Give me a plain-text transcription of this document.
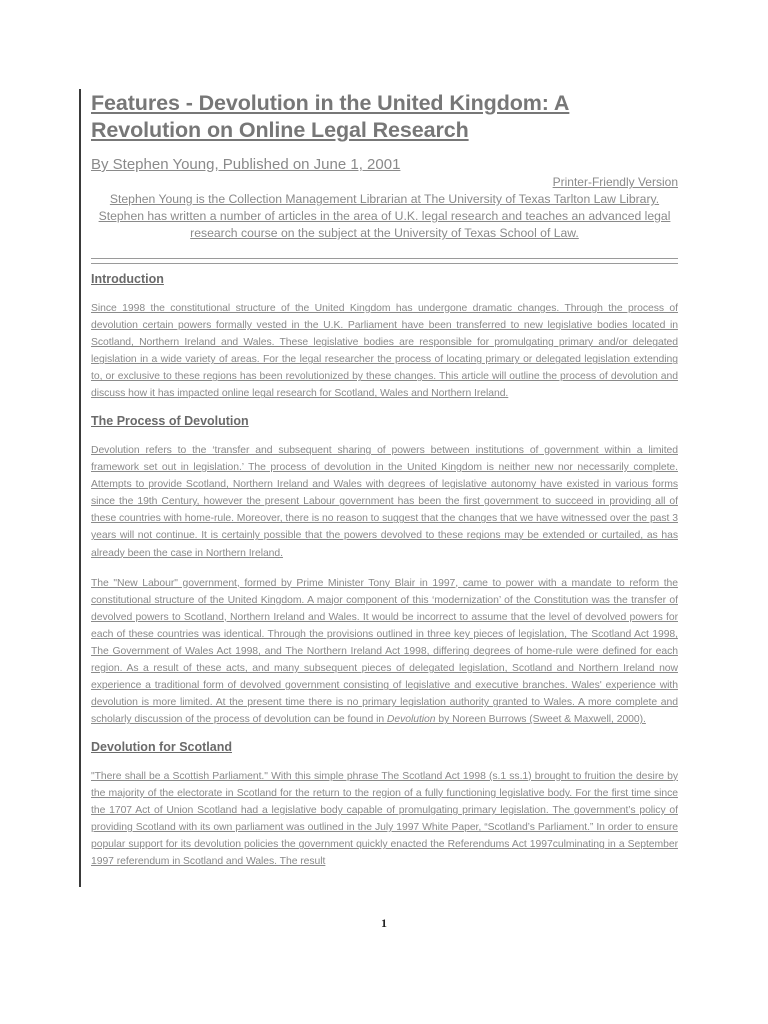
Features - Devolution in the United Kingdom: A Revolution on Online Legal Research
By Stephen Young, Published on June 1, 2001
Printer-Friendly Version
Stephen Young is the Collection Management Librarian at The University of Texas Tarlton Law Library. Stephen has written a number of articles in the area of U.K. legal research and teaches an advanced legal research course on the subject at the University of Texas School of Law.
Introduction

Since 1998 the constitutional structure of the United Kingdom has undergone dramatic changes. Through the process of devolution certain powers formally vested in the U.K. Parliament have been transferred to new legislative bodies located in Scotland, Northern Ireland and Wales. These legislative bodies are responsible for promulgating primary and/or delegated legislation in a wide variety of areas. For the legal researcher the process of locating primary or delegated legislation extending to, or exclusive to these regions has been revolutionized by these changes. This article will outline the process of devolution and discuss how it has impacted online legal research for Scotland, Wales and Northern Ireland.

The Process of Devolution

Devolution refers to the ‘transfer and subsequent sharing of powers between institutions of government within a limited framework set out in legislation.’ The process of devolution in the United Kingdom is neither new nor necessarily complete. Attempts to provide Scotland, Northern Ireland and Wales with degrees of legislative autonomy have existed in various forms since the 19th Century, however the present Labour government has been the first government to succeed in providing all of these countries with home-rule. Moreover, there is no reason to suggest that the changes that we have witnessed over the past 3 years will not continue. It is certainly possible that the powers devolved to these regions may be extended or curtailed, as has already been the case in Northern Ireland.

The "New Labour" government, formed by Prime Minister Tony Blair in 1997, came to power with a mandate to reform the constitutional structure of the United Kingdom. A major component of this ‘modernization’ of the Constitution was the transfer of devolved powers to Scotland, Northern Ireland and Wales. It would be incorrect to assume that the level of devolved powers for each of these countries was identical. Through the provisions outlined in three key pieces of legislation, The Scotland Act 1998, The Government of Wales Act 1998, and The Northern Ireland Act 1998, differing degrees of home-rule were defined for each region. As a result of these acts, and many subsequent pieces of delegated legislation, Scotland and Northern Ireland now experience a traditional form of devolved government consisting of legislative and executive branches. Wales' experience with devolution is more limited. At the present time there is no primary legislation authority granted to Wales. A more complete and scholarly discussion of the process of devolution can be found in Devolution by Noreen Burrows (Sweet & Maxwell, 2000).

Devolution for Scotland

"There shall be a Scottish Parliament." With this simple phrase The Scotland Act 1998 (s.1 ss.1) brought to fruition the desire by the majority of the electorate in Scotland for the return to the region of a fully functioning legislative body. For the first time since the 1707 Act of Union Scotland had a legislative body capable of promulgating primary legislation. The government’s policy of providing Scotland with its own parliament was outlined in the July 1997 White Paper, “Scotland’s Parliament.” In order to ensure popular support for its devolution policies the government quickly enacted the Referendums Act 1997culminating in a September 1997 referendum in Scotland and Wales. The result

1
